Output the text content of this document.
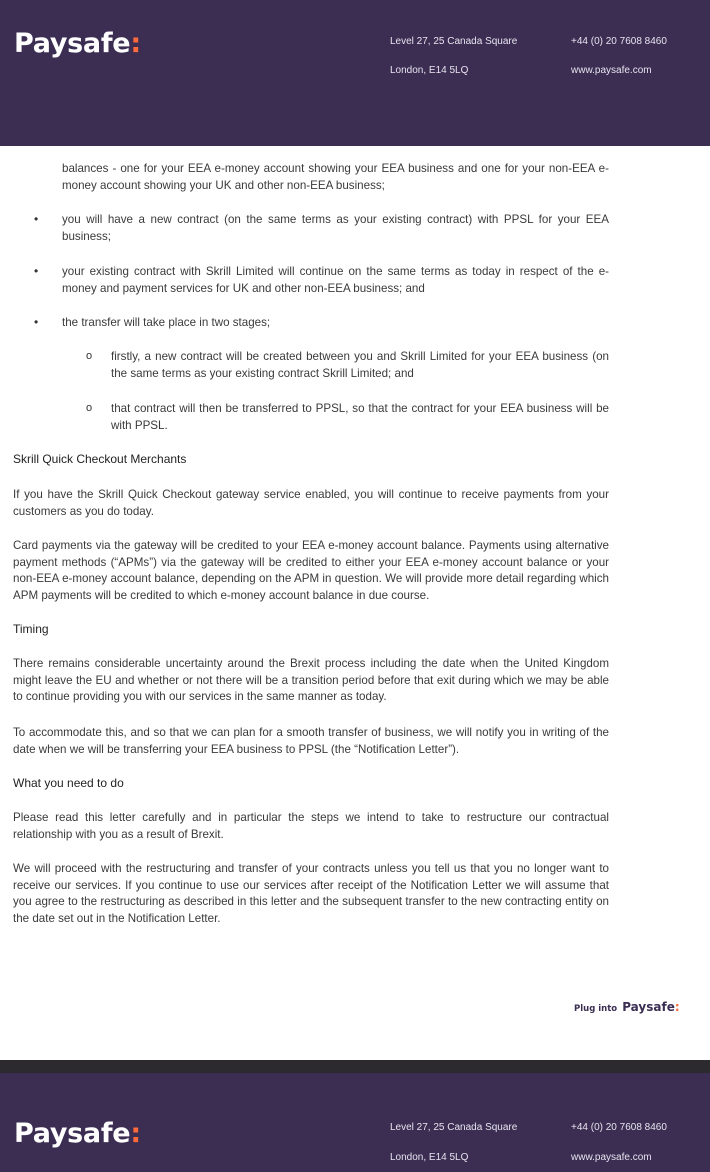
Paysafe:	Level 27, 25 Canada Square
London, E14 5LQ
+44 (0) 20 7608 8460
www.paysafe.com
balances - one for your EEA e-money account showing your EEA business and one for your non-EEA e-money account showing your UK and other non-EEA business;
• you will have a new contract (on the same terms as your existing contract) with PPSL for your EEA business;
• your existing contract with Skrill Limited will continue on the same terms as today in respect of the e-money and payment services for UK and other non-EEA business; and
• the transfer will take place in two stages;
o firstly, a new contract will be created between you and Skrill Limited for your EEA business (on the same terms as your existing contract Skrill Limited; and
o that contract will then be transferred to PPSL, so that the contract for your EEA business will be with PPSL.
Skrill Quick Checkout Merchants
If you have the Skrill Quick Checkout gateway service enabled, you will continue to receive payments from your customers as you do today.
Card payments via the gateway will be credited to your EEA e-money account balance. Payments using alternative payment methods (“APMs”) via the gateway will be credited to either your EEA e-money account balance or your non-EEA e-money account balance, depending on the APM in question. We will provide more detail regarding which APM payments will be credited to which e-money account balance in due course.
Timing
There remains considerable uncertainty around the Brexit process including the date when the United Kingdom might leave the EU and whether or not there will be a transition period before that exit during which we may be able to continue providing you with our services in the same manner as today.
To accommodate this, and so that we can plan for a smooth transfer of business, we will notify you in writing of the date when we will be transferring your EEA business to PPSL (the “Notification Letter”).
What you need to do
Please read this letter carefully and in particular the steps we intend to take to restructure our contractual relationship with you as a result of Brexit.
We will proceed with the restructuring and transfer of your contracts unless you tell us that you no longer want to receive our services. If you continue to use our services after receipt of the Notification Letter we will assume that you agree to the restructuring as described in this letter and the subsequent transfer to the new contracting entity on the date set out in the Notification Letter.
Plug into Paysafe:
Paysafe:	Level 27, 25 Canada Square
London, E14 5LQ
+44 (0) 20 7608 8460
www.paysafe.com
